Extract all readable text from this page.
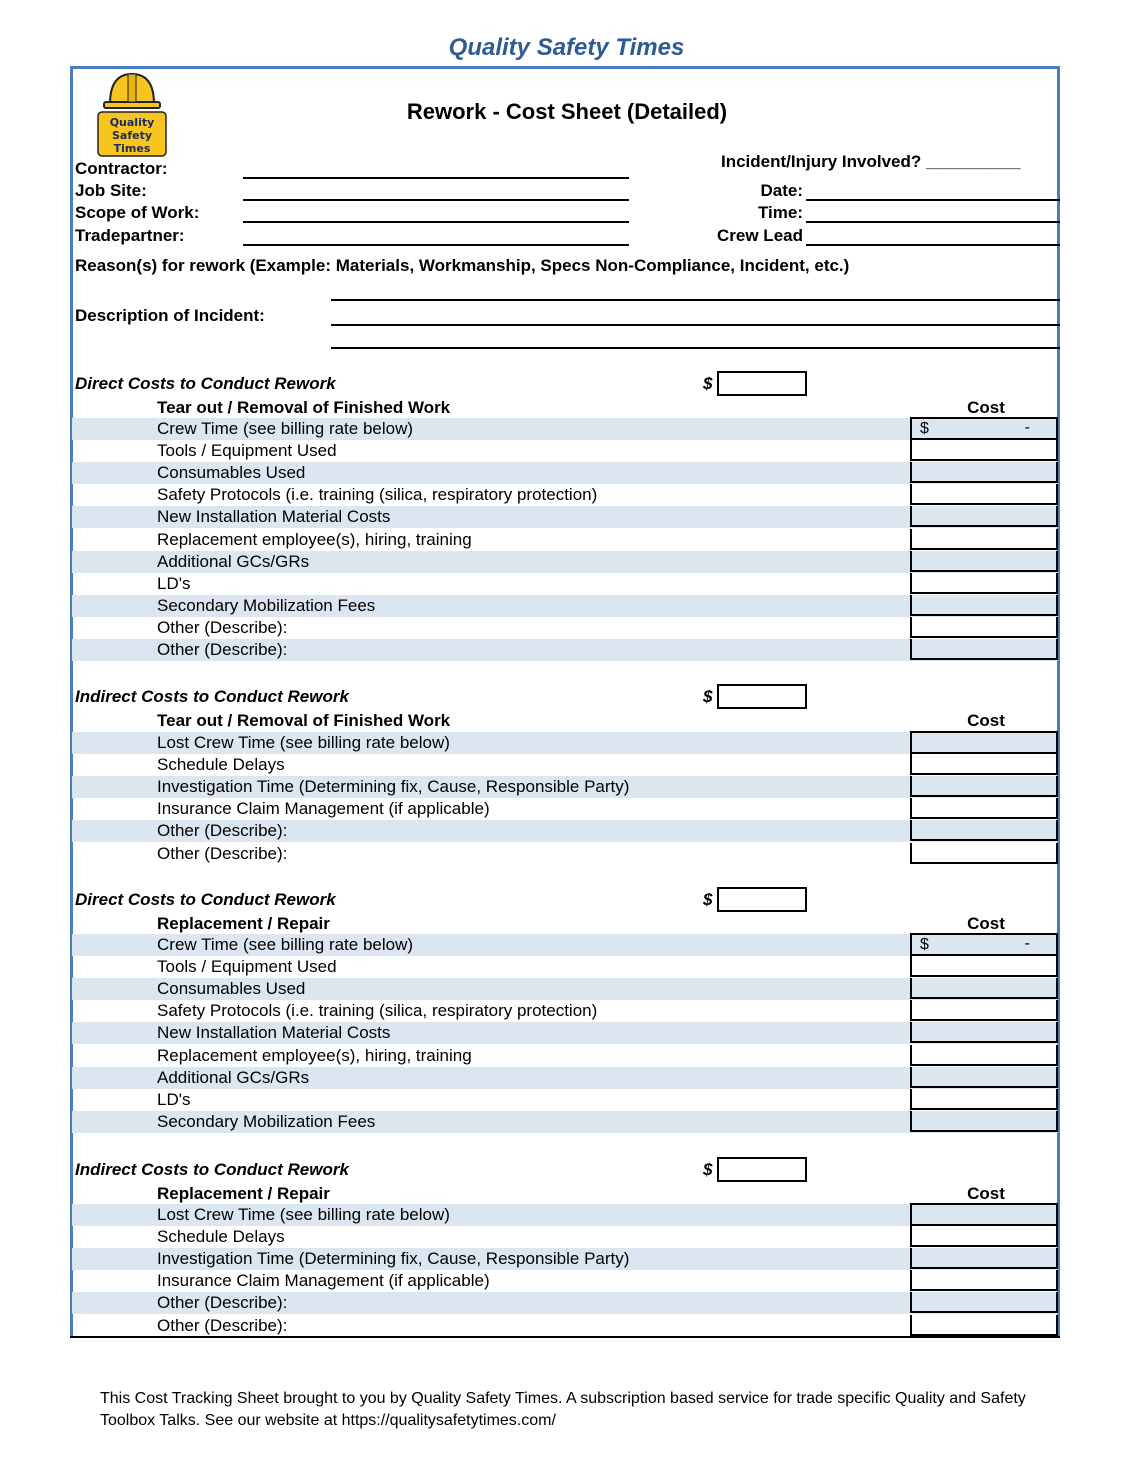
Quality Safety Times
Quality
Safety
Times
Rework - Cost Sheet (Detailed)
Contractor:
Job Site:
Scope of Work:
Tradepartner:
Incident/Injury Involved? __________
Date:
Time:
Crew Lead
Reason(s) for rework (Example: Materials, Workmanship, Specs Non-Compliance, Incident, etc.)
Description of Incident:
Direct Costs to Conduct Rework	$
Tear out / Removal of Finished Work	Cost
Crew Time (see billing rate below)	$	-
Tools / Equipment Used
Consumables Used
Safety Protocols (i.e. training (silica, respiratory protection)
New Installation Material Costs
Replacement employee(s), hiring, training
Additional GCs/GRs
LD's
Secondary Mobilization Fees
Other (Describe):
Other (Describe):
Indirect Costs to Conduct Rework	$
Tear out / Removal of Finished Work	Cost
Lost Crew Time (see billing rate below)
Schedule Delays
Investigation Time (Determining fix, Cause, Responsible Party)
Insurance Claim Management (if applicable)
Other (Describe):
Other (Describe):
Direct Costs to Conduct Rework	$
Replacement / Repair	Cost
Crew Time (see billing rate below)	$	-
Tools / Equipment Used
Consumables Used
Safety Protocols (i.e. training (silica, respiratory protection)
New Installation Material Costs
Replacement employee(s), hiring, training
Additional GCs/GRs
LD's
Secondary Mobilization Fees
Indirect Costs to Conduct Rework	$
Replacement / Repair	Cost
Lost Crew Time (see billing rate below)
Schedule Delays
Investigation Time (Determining fix, Cause, Responsible Party)
Insurance Claim Management (if applicable)
Other (Describe):
Other (Describe):
This Cost Tracking Sheet brought to you by Quality Safety Times. A subscription based service for trade specific Quality and Safety Toolbox Talks. See our website at https://qualitysafetytimes.com/
